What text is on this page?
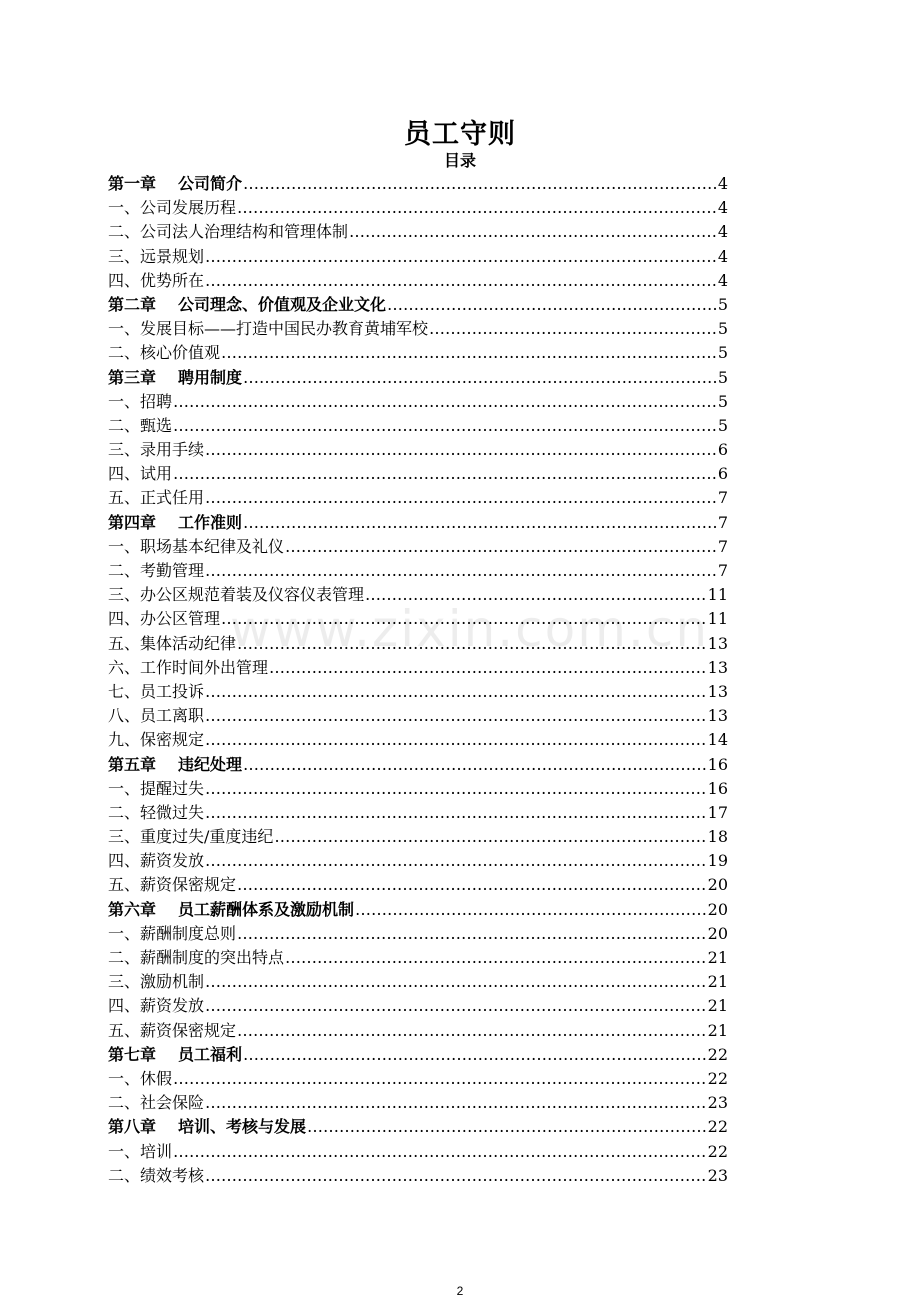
员工守则
目录
第一章 公司简介 ……………………………………………………………………………………………………………………………………………………………………………………………………………	4
一、公司发展历程 ……………………………………………………………………………………………………………………………………………………………………………………………………………	4
二、公司法人治理结构和管理体制 ……………………………………………………………………………………………………………………………………………………………………………………………………………	4
三、远景规划 ……………………………………………………………………………………………………………………………………………………………………………………………………………	4
四、优势所在 ……………………………………………………………………………………………………………………………………………………………………………………………………………	4
第二章 公司理念、价值观及企业文化 ……………………………………………………………………………………………………………………………………………………………………………………………………………	5
一、发展目标——打造中国民办教育黄埔军校 ……………………………………………………………………………………………………………………………………………………………………………………………………………	5
二、核心价值观 ……………………………………………………………………………………………………………………………………………………………………………………………………………	5
第三章 聘用制度 ……………………………………………………………………………………………………………………………………………………………………………………………………………	5
一、招聘 ……………………………………………………………………………………………………………………………………………………………………………………………………………	5
二、甄选 ……………………………………………………………………………………………………………………………………………………………………………………………………………	5
三、录用手续 ……………………………………………………………………………………………………………………………………………………………………………………………………………	6
四、试用 ……………………………………………………………………………………………………………………………………………………………………………………………………………	6
五、正式任用 ……………………………………………………………………………………………………………………………………………………………………………………………………………	7
第四章 工作准则 ……………………………………………………………………………………………………………………………………………………………………………………………………………	7
一、职场基本纪律及礼仪 ……………………………………………………………………………………………………………………………………………………………………………………………………………	7
二、考勤管理 ……………………………………………………………………………………………………………………………………………………………………………………………………………	7
三、办公区规范着装及仪容仪表管理 ……………………………………………………………………………………………………………………………………………………………………………………………………………	11
四、办公区管理 ……………………………………………………………………………………………………………………………………………………………………………………………………………	11
五、集体活动纪律 ……………………………………………………………………………………………………………………………………………………………………………………………………………	13
六、工作时间外出管理 ……………………………………………………………………………………………………………………………………………………………………………………………………………	13
七、员工投诉 ……………………………………………………………………………………………………………………………………………………………………………………………………………	13
八、员工离职 ……………………………………………………………………………………………………………………………………………………………………………………………………………	13
九、保密规定 ……………………………………………………………………………………………………………………………………………………………………………………………………………	14
第五章 违纪处理 ……………………………………………………………………………………………………………………………………………………………………………………………………………	16
一、提醒过失 ……………………………………………………………………………………………………………………………………………………………………………………………………………	16
二、轻微过失 ……………………………………………………………………………………………………………………………………………………………………………………………………………	17
三、重度过失/重度违纪 ……………………………………………………………………………………………………………………………………………………………………………………………………………	18
四、薪资发放 ……………………………………………………………………………………………………………………………………………………………………………………………………………	19
五、薪资保密规定 ……………………………………………………………………………………………………………………………………………………………………………………………………………	20
第六章 员工薪酬体系及激励机制 ……………………………………………………………………………………………………………………………………………………………………………………………………………	20
一、薪酬制度总则 ……………………………………………………………………………………………………………………………………………………………………………………………………………	20
二、薪酬制度的突出特点 ……………………………………………………………………………………………………………………………………………………………………………………………………………	21
三、激励机制 ……………………………………………………………………………………………………………………………………………………………………………………………………………	21
四、薪资发放 ……………………………………………………………………………………………………………………………………………………………………………………………………………	21
五、薪资保密规定 ……………………………………………………………………………………………………………………………………………………………………………………………………………	21
第七章 员工福利 ……………………………………………………………………………………………………………………………………………………………………………………………………………	22
一、休假 ……………………………………………………………………………………………………………………………………………………………………………………………………………	22
二、社会保险 ……………………………………………………………………………………………………………………………………………………………………………………………………………	23
第八章 培训、考核与发展 ……………………………………………………………………………………………………………………………………………………………………………………………………………	22
一、培训 ……………………………………………………………………………………………………………………………………………………………………………………………………………	22
二、绩效考核 ……………………………………………………………………………………………………………………………………………………………………………………………………………	23
www.zixin.com.cn
2
